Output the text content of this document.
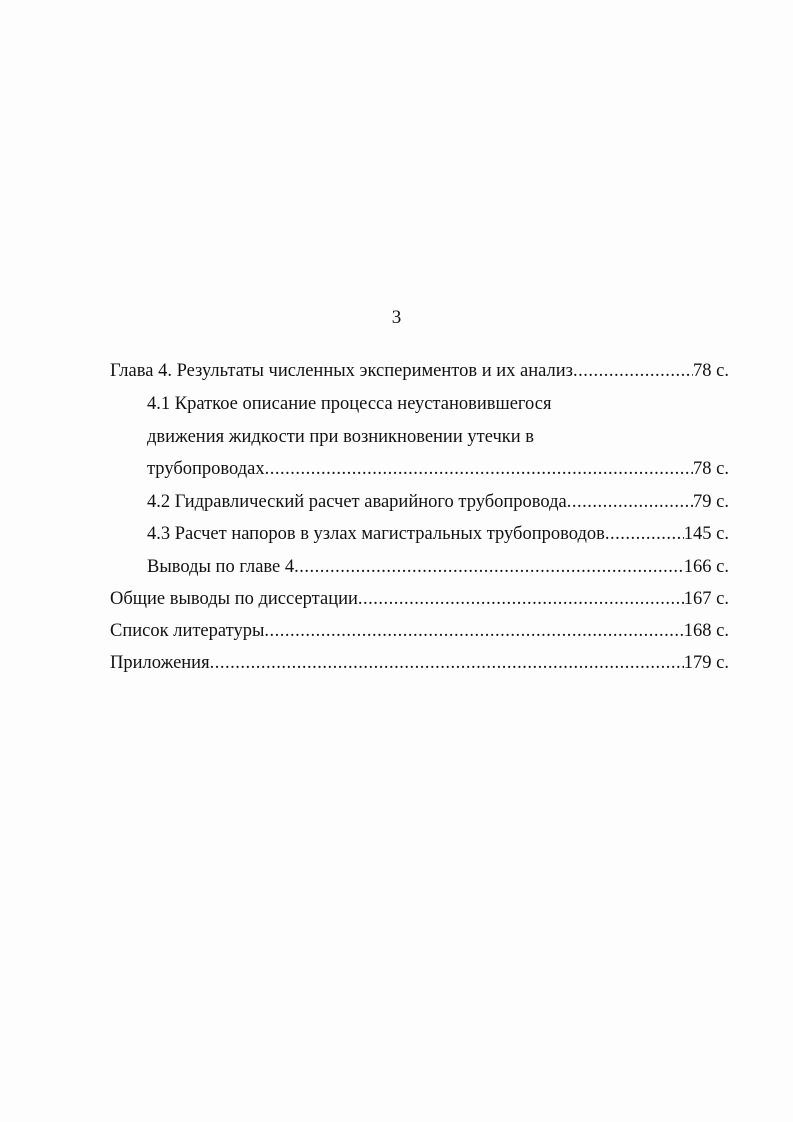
3
Глава 4. Результаты численных экспериментов и их анализ .....	78 с.
4.1 Краткое описание процесса неустановившегося
движения жидкости при возникновении утечки в
трубопроводах .....	78 с.
4.2 Гидравлический расчет аварийного трубопровода .....	79 с.
4.3 Расчет напоров в узлах магистральных трубопроводов .....	145 с.
Выводы по главе 4 .....	166 с.
Общие выводы по диссертации .....	167 с.
Список литературы .....	168 с.
Приложения .....	179 с.
